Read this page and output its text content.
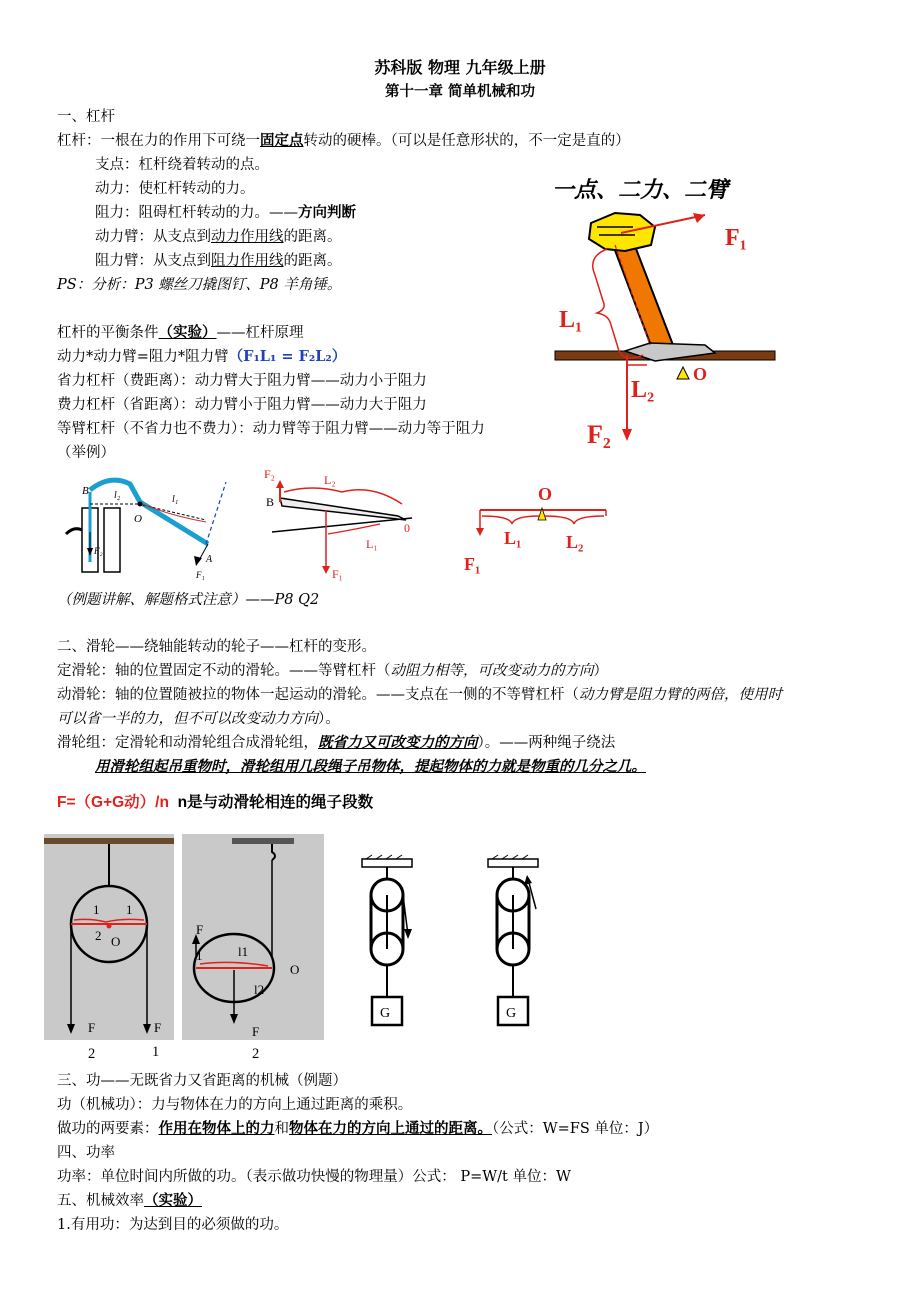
苏科版 物理 九年级上册
第十一章 简单机械和功
一、杠杆
杠杆：一根在力的作用下可绕一固定点转动的硬棒。（可以是任意形状的，不一定是直的）
支点：杠杆绕着转动的点。
动力：使杠杆转动的力。
阻力：阻碍杠杆转动的力。——方向判断
动力臂：从支点到动力作用线的距离。
阻力臂：从支点到阻力作用线的距离。
PS：分析：P3 螺丝刀撬图钉、P8 羊角锤。
杠杆的平衡条件（实验）——杠杆原理
动力*动力臂=阻力*阻力臂（F₁L₁ = F₂L₂）
省力杠杆（费距离）：动力臂大于阻力臂——动力小于阻力
费力杠杆（省距离）：动力臂小于阻力臂——动力大于阻力
等臂杠杆（不省力也不费力）：动力臂等于阻力臂——动力等于阻力
（举例）
一点、二力、二臂
F₁
L₁
O
L₂
F₂
B	l₂	l₁
O
A
F₂
F₁
F₂	L₂
B
0
L₁
F₁
O
L₁ L₂
F₁
（例题讲解、解题格式注意）——P8 Q2
二、滑轮——绕轴能转动的轮子——杠杆的变形。
定滑轮：轴的位置固定不动的滑轮。——等臂杠杆（动阻力相等，可改变动力的方向）
动滑轮：轴的位置随被拉的物体一起运动的滑轮。——支点在一侧的不等臂杠杆（动力臂是阻力臂的两倍，使用时
可以省一半的力，但不可以改变动力方向）。
滑轮组：定滑轮和动滑轮组合成滑轮组，既省力又可改变力的方向）。——两种绳子绕法
用滑轮组起吊重物时，滑轮组用几段绳子吊物体，提起物体的力就是物重的几分之几。
F=（G+G动）/n n是与动滑轮相连的绳子段数
1 1
2 O
F	F
2	1
F
1	l1
O
l2
F
2
G	G
三、功——无既省力又省距离的机械（例题）
功（机械功）：力与物体在力的方向上通过距离的乘积。
做功的两要素：作用在物体上的力和物体在力的方向上通过的距离。（公式：W=FS 单位：J）
四、功率
功率：单位时间内所做的功。（表示做功快慢的物理量）公式： P=W/t 单位：W
五、机械效率（实验）
1.有用功：为达到目的必须做的功。
